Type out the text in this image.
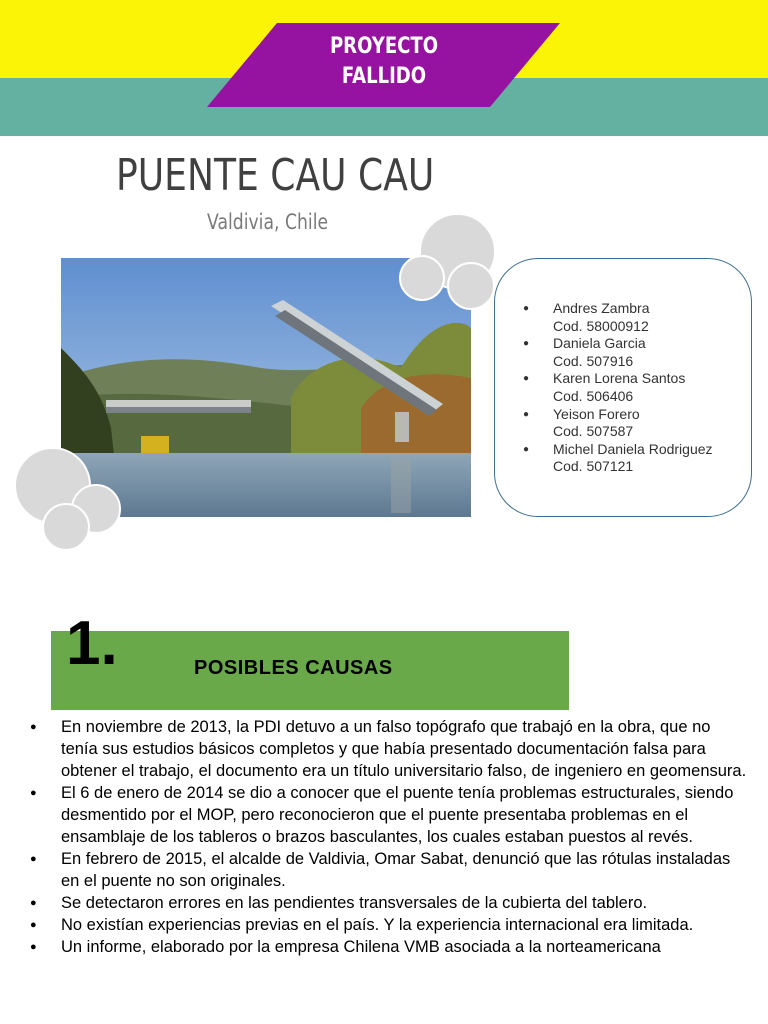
PROYECTO
FALLIDO
PUENTE CAU CAU
Valdivia, Chile
● Andres Zambra
Cod. 58000912
● Daniela Garcia
Cod. 507916
● Karen Lorena Santos
Cod. 506406
● Yeison Forero
Cod. 507587
● Michel Daniela Rodriguez
Cod. 507121
1.	POSIBLES CAUSAS
● En noviembre de 2013, la PDI detuvo a un falso topógrafo que trabajó en la obra, que no tenía sus estudios básicos completos y que había presentado documentación falsa para obtener el trabajo, el documento era un título universitario falso, de ingeniero en geomensura.
● El 6 de enero de 2014 se dio a conocer que el puente tenía problemas estructurales, siendo desmentido por el MOP, pero reconocieron que el puente presentaba problemas en el ensamblaje de los tableros o brazos basculantes, los cuales estaban puestos al revés.
● En febrero de 2015, el alcalde de Valdivia, Omar Sabat, denunció que las rótulas instaladas en el puente no son originales.
● Se detectaron errores en las pendientes transversales de la cubierta del tablero.
● No existían experiencias previas en el país. Y la experiencia internacional era limitada.
● Un informe, elaborado por la empresa Chilena VMB asociada a la norteamericana
